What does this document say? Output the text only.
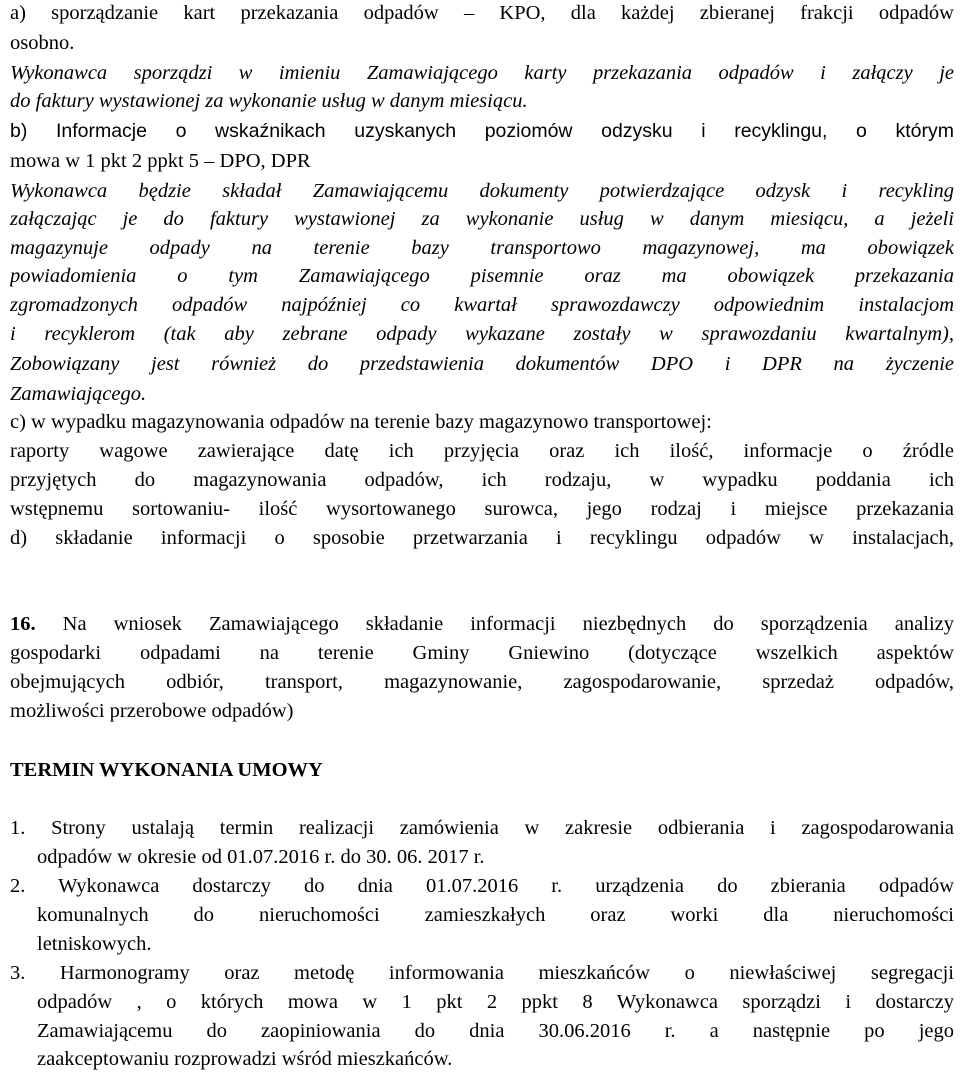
a) sporządzanie kart przekazania odpadów – KPO, dla każdej zbieranej frakcji odpadów
osobno.
Wykonawca sporządzi w imieniu Zamawiającego karty przekazania odpadów i załączy je
do faktury wystawionej za wykonanie usług w danym miesiącu.
b) Informacje o wskaźnikach uzyskanych poziomów odzysku i recyklingu, o którym
mowa w 1 pkt 2 ppkt 5 – DPO, DPR
Wykonawca będzie składał Zamawiającemu dokumenty potwierdzające odzysk i recykling
załączając je do faktury wystawionej za wykonanie usług w danym miesiącu, a jeżeli
magazynuje odpady na terenie bazy transportowo magazynowej, ma obowiązek
powiadomienia o tym Zamawiającego pisemnie oraz ma obowiązek przekazania
zgromadzonych odpadów najpóźniej co kwartał sprawozdawczy odpowiednim instalacjom
i recyklerom (tak aby zebrane odpady wykazane zostały w sprawozdaniu kwartalnym),
Zobowiązany jest również do przedstawienia dokumentów DPO i DPR na życzenie
Zamawiającego.
c) w wypadku magazynowania odpadów na terenie bazy magazynowo transportowej:
raporty wagowe zawierające datę ich przyjęcia oraz ich ilość, informacje o źródle
przyjętych do magazynowania odpadów, ich rodzaju, w wypadku poddania ich
wstępnemu sortowaniu- ilość wysortowanego surowca, jego rodzaj i miejsce przekazania
d) składanie informacji o sposobie przetwarzania i recyklingu odpadów w instalacjach,
16. Na wniosek Zamawiającego składanie informacji niezbędnych do sporządzenia analizy
gospodarki odpadami na terenie Gminy Gniewino (dotyczące wszelkich aspektów
obejmujących odbiór, transport, magazynowanie, zagospodarowanie, sprzedaż odpadów,
możliwości przerobowe odpadów)
TERMIN WYKONANIA UMOWY
1. Strony ustalają termin realizacji zamówienia w zakresie odbierania i zagospodarowania
odpadów w okresie od 01.07.2016 r. do 30. 06. 2017 r.
2. Wykonawca dostarczy do dnia 01.07.2016 r. urządzenia do zbierania odpadów
komunalnych do nieruchomości zamieszkałych oraz worki dla nieruchomości
letniskowych.
3. Harmonogramy oraz metodę informowania mieszkańców o niewłaściwej segregacji
odpadów , o których mowa w 1 pkt 2 ppkt 8 Wykonawca sporządzi i dostarczy
Zamawiającemu do zaopiniowania do dnia 30.06.2016 r. a następnie po jego
zaakceptowaniu rozprowadzi wśród mieszkańców.
